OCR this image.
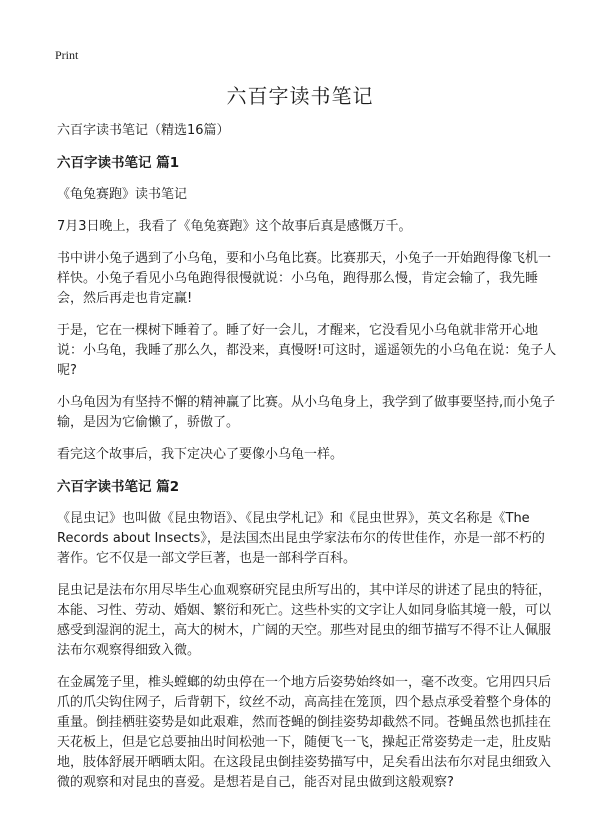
Print
六百字读书笔记

六百字读书笔记（精选16篇）

六百字读书笔记 篇1

《龟兔赛跑》读书笔记

7月3日晚上，我看了《龟兔赛跑》这个故事后真是感慨万千。

书中讲小兔子遇到了小乌龟，要和小乌龟比赛。比赛那天，小兔子一开始跑得像飞机一样快。小兔子看见小乌龟跑得很慢就说：小乌龟，跑得那么慢，肯定会输了，我先睡会，然后再走也肯定赢!

于是，它在一棵树下睡着了。睡了好一会儿，才醒来，它没看见小乌龟就非常开心地说：小乌龟，我睡了那么久，都没来，真慢呀!可这时，遥遥领先的小乌龟在说：兔子人呢?

小乌龟因为有坚持不懈的精神赢了比赛。从小乌龟身上，我学到了做事要坚持,而小兔子输，是因为它偷懒了，骄傲了。

看完这个故事后，我下定决心了要像小乌龟一样。

六百字读书笔记 篇2

《昆虫记》也叫做《昆虫物语》、《昆虫学札记》和《昆虫世界》，英文名称是《The Records about Insects》，是法国杰出昆虫学家法布尔的传世佳作，亦是一部不朽的著作。它不仅是一部文学巨著，也是一部科学百科。

昆虫记是法布尔用尽毕生心血观察研究昆虫所写出的，其中详尽的讲述了昆虫的特征，本能、习性、劳动、婚姻、繁衍和死亡。这些朴实的文字让人如同身临其境一般，可以感受到湿润的泥土，高大的树木，广阔的天空。那些对昆虫的细节描写不得不让人佩服法布尔观察得细致入微。

在金属笼子里，椎头螳螂的幼虫停在一个地方后姿势始终如一，毫不改变。它用四只后爪的爪尖钩住网子，后背朝下，纹丝不动，高高挂在笼顶，四个悬点承受着整个身体的重量。倒挂栖驻姿势是如此艰难，然而苍蝇的倒挂姿势却截然不同。苍蝇虽然也抓挂在天花板上，但是它总要抽出时间松弛一下，随便飞一飞，操起正常姿势走一走，肚皮贴地，肢体舒展开晒晒太阳。在这段昆虫倒挂姿势描写中，足矣看出法布尔对昆虫细致入微的观察和对昆虫的喜爱。是想若是自己，能否对昆虫做到这般观察?
